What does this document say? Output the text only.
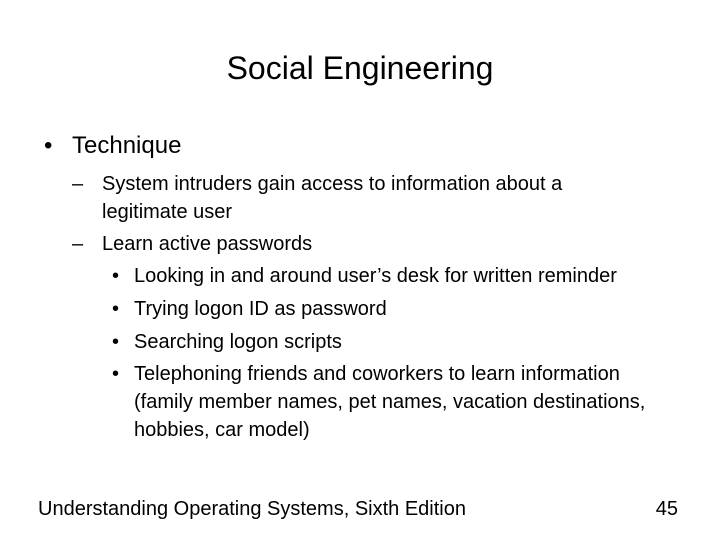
Social Engineering
• Technique
– System intruders gain access to information about a legitimate user
– Learn active passwords
• Looking in and around user’s desk for written reminder
• Trying logon ID as password
• Searching logon scripts
• Telephoning friends and coworkers to learn information (family member names, pet names, vacation destinations, hobbies, car model)
Understanding Operating Systems, Sixth Edition	45
